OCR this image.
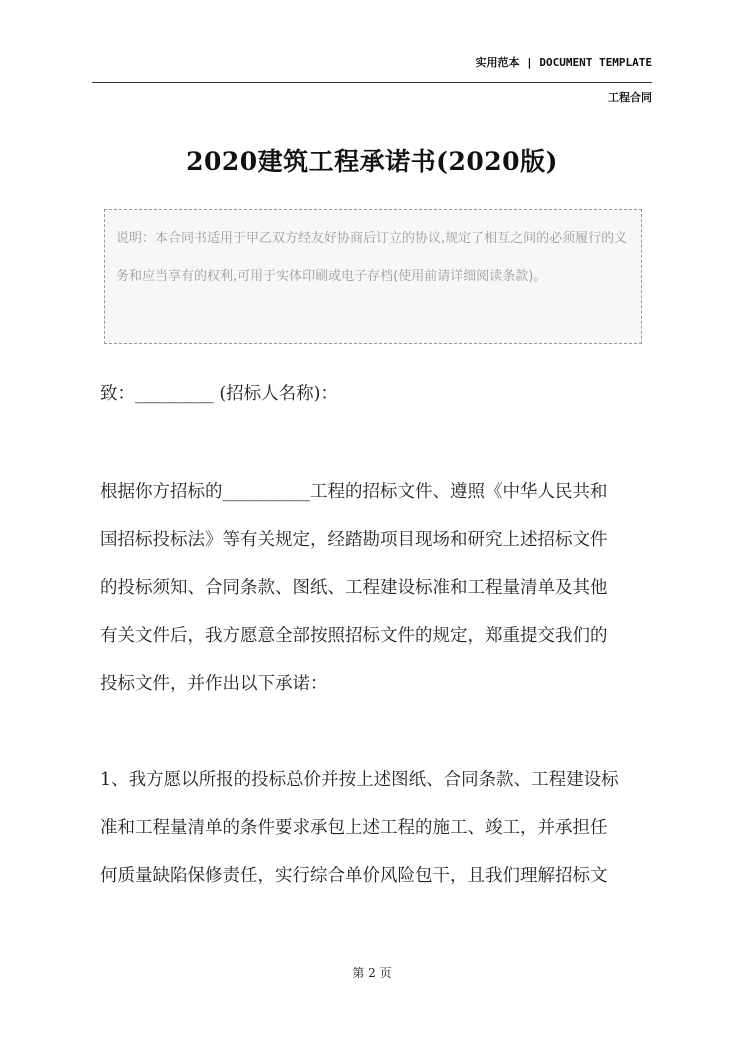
实用范本 | DOCUMENT TEMPLATE
工程合同
2020建筑工程承诺书(2020版)
说明：本合同书适用于甲乙双方经友好协商后订立的协议,规定了相互之间的必须履行的义务和应当享有的权利,可用于实体印刷或电子存档(使用前请详细阅读条款)。
致：_________ (招标人名称)：
根据你方招标的__________工程的招标文件、遵照《中华人民共和
国招标投标法》等有关规定，经踏勘项目现场和研究上述招标文件
的投标须知、合同条款、图纸、工程建设标准和工程量清单及其他
有关文件后，我方愿意全部按照招标文件的规定，郑重提交我们的
投标文件，并作出以下承诺：
1、我方愿以所报的投标总价并按上述图纸、合同条款、工程建设标
准和工程量清单的条件要求承包上述工程的施工、竣工，并承担任
何质量缺陷保修责任，实行综合单价风险包干，且我们理解招标文
第 2 页
